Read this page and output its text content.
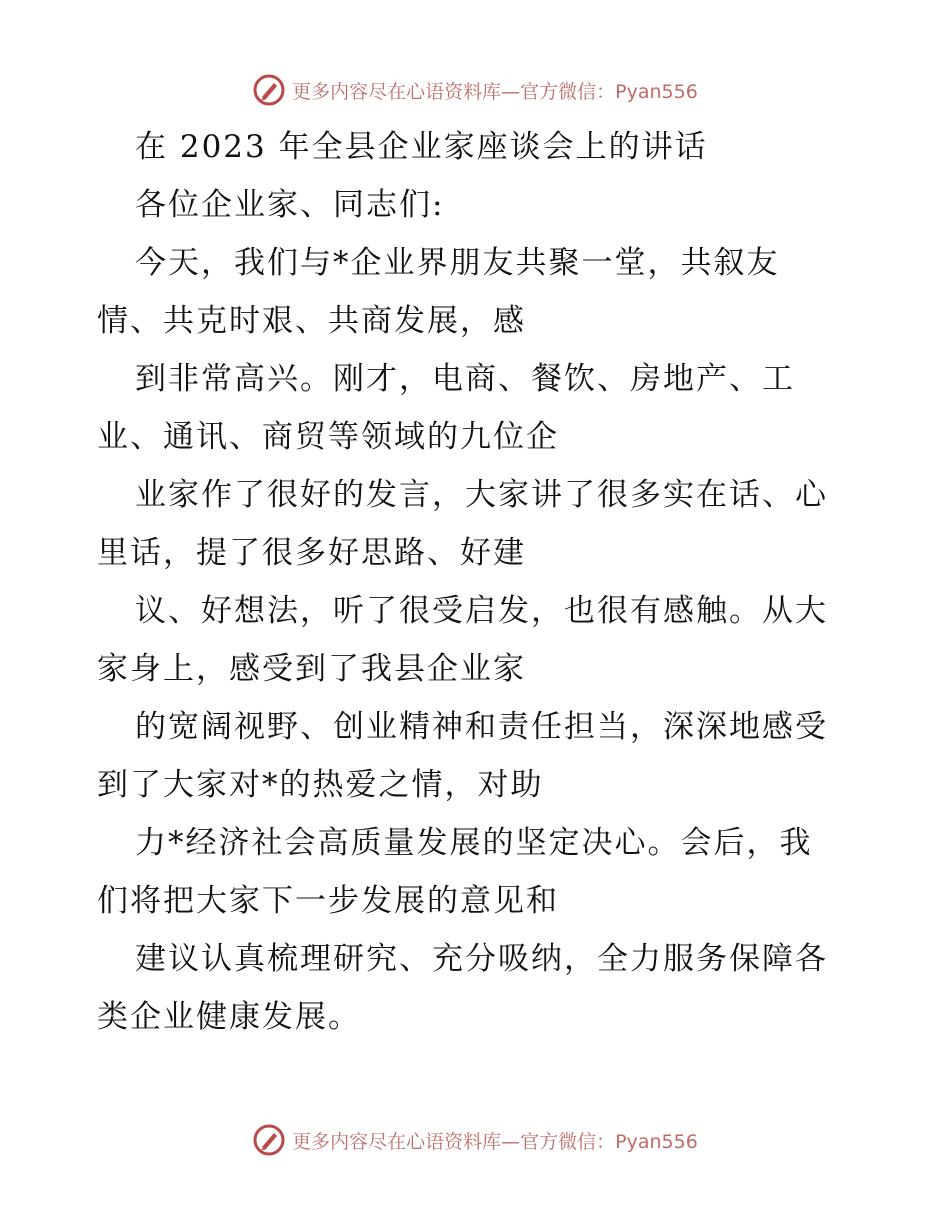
更多内容尽在心语资料库—官方微信：Pyan556
在 2023 年全县企业家座谈会上的讲话
各位企业家、同志们:
今天，我们与*企业界朋友共聚一堂，共叙友
情、共克时艰、共商发展，感
到非常高兴。刚才，电商、餐饮、房地产、工
业、通讯、商贸等领域的九位企
业家作了很好的发言，大家讲了很多实在话、心
里话，提了很多好思路、好建
议、好想法，听了很受启发，也很有感触。从大
家身上，感受到了我县企业家
的宽阔视野、创业精神和责任担当，深深地感受
到了大家对*的热爱之情，对助
力*经济社会高质量发展的坚定决心。会后，我
们将把大家下一步发展的意见和
建议认真梳理研究、充分吸纳，全力服务保障各
类企业健康发展。
更多内容尽在心语资料库—官方微信：Pyan556
